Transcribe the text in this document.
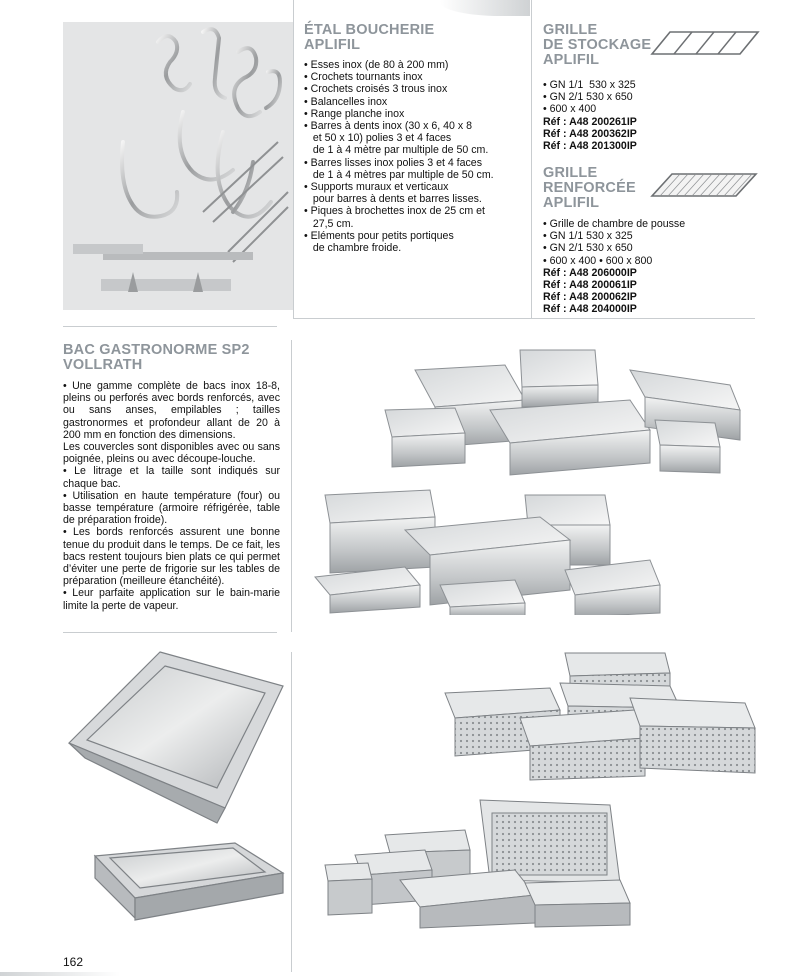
ÉTAL BOUCHERIE
APLIFIL
• Esses inox (de 80 à 200 mm)
• Crochets tournants inox
• Crochets croisés 3 trous inox
• Balancelles inox
• Range planche inox
• Barres à dents inox (30 x 6, 40 x 8
et 50 x 10) polies 3 et 4 faces
de 1 à 4 mètre par multiple de 50 cm.
• Barres lisses inox polies 3 et 4 faces
de 1 à 4 mètres par multiple de 50 cm.
• Supports muraux et verticaux
pour barres à dents et barres lisses.
• Piques à brochettes inox de 25 cm et
27,5 cm.
• Eléments pour petits portiques
de chambre froide.
GRILLE
DE STOCKAGE
APLIFIL
• GN 1/1  530 x 325
• GN 2/1 530 x 650
• 600 x 400
Réf : A48 200261IP
Réf : A48 200362IP
Réf : A48 201300IP
GRILLE
RENFORCÉE
APLIFIL
• Grille de chambre de pousse
• GN 1/1 530 x 325
• GN 2/1 530 x 650
• 600 x 400 • 600 x 800
Réf : A48 206000IP
Réf : A48 200061IP
Réf : A48 200062IP
Réf : A48 204000IP
BAC GASTRONORME SP2
VOLLRATH
• Une gamme complète de bacs inox 18-8, pleins ou perforés avec bords renforcés, avec ou sans anses, empilables ; tailles gastronormes et profondeur allant de 20 à 200 mm en fonction des dimensions.
Les couvercles sont disponibles avec ou sans poignée, pleins ou avec découpe-louche.
• Le litrage et la taille sont indiqués sur chaque bac.
• Utilisation en haute température (four) ou basse température (armoire réfrigérée, table de préparation froide).
• Les bords renforcés assurent une bonne tenue du produit dans le temps. De ce fait, les bacs restent toujours bien plats ce qui permet d’éviter une perte de frigorie sur les tables de préparation (meilleure étanchéité).
• Leur parfaite application sur le bain-marie limite la perte de vapeur.
162
